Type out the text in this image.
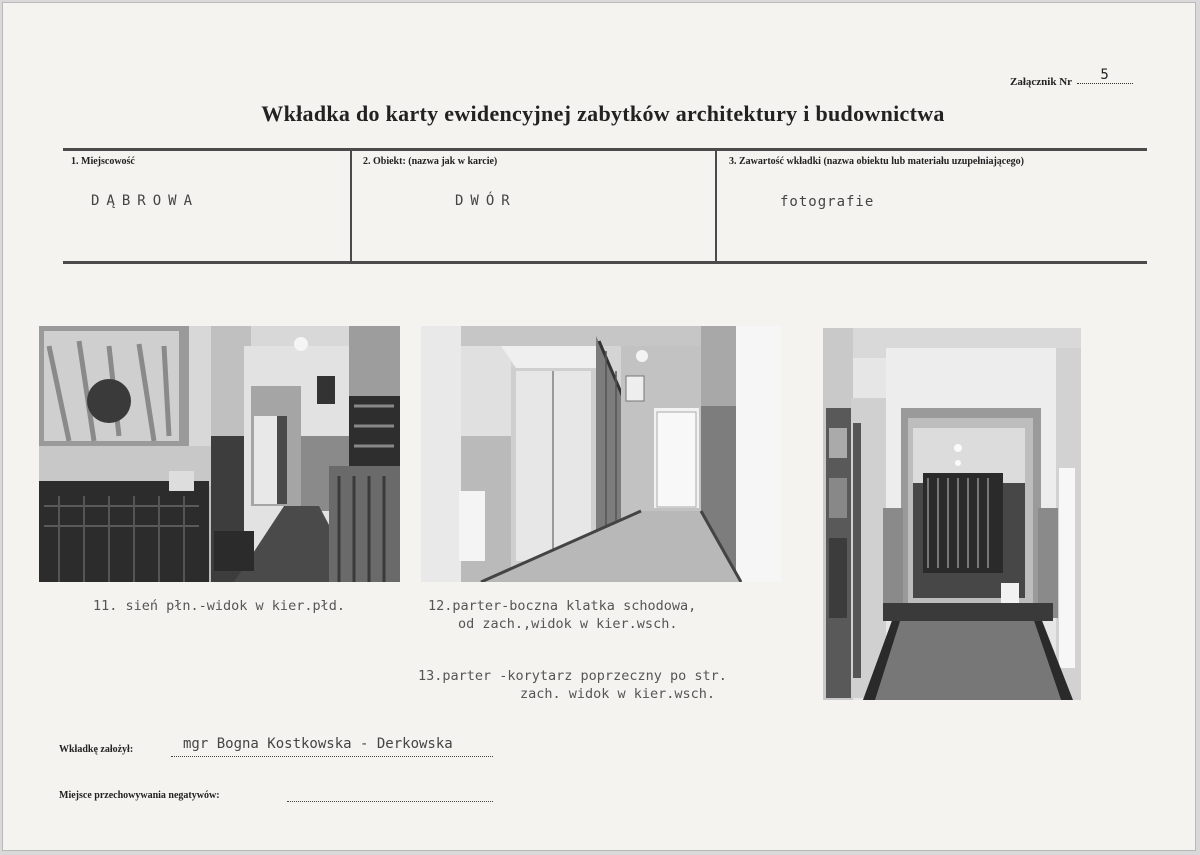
Załącznik Nr 5
Wkładka do karty ewidencyjnej zabytków architektury i budownictwa
1. Miejscowość
DĄBROWA
2. Obiekt: (nazwa jak w karcie)
DWÓR
3. Zawartość wkładki (nazwa obiektu lub materiału uzupełniającego)
fotografie
11. sień płn.-widok w kier.płd.	12.parter-boczna klatka schodowa,
od zach.,widok w kier.wsch.
13.parter -korytarz poprzeczny po str.
zach. widok w kier.wsch.
Wkładkę założył:	mgr Bogna Kostkowska - Derkowska
Miejsce przechowywania negatywów:
